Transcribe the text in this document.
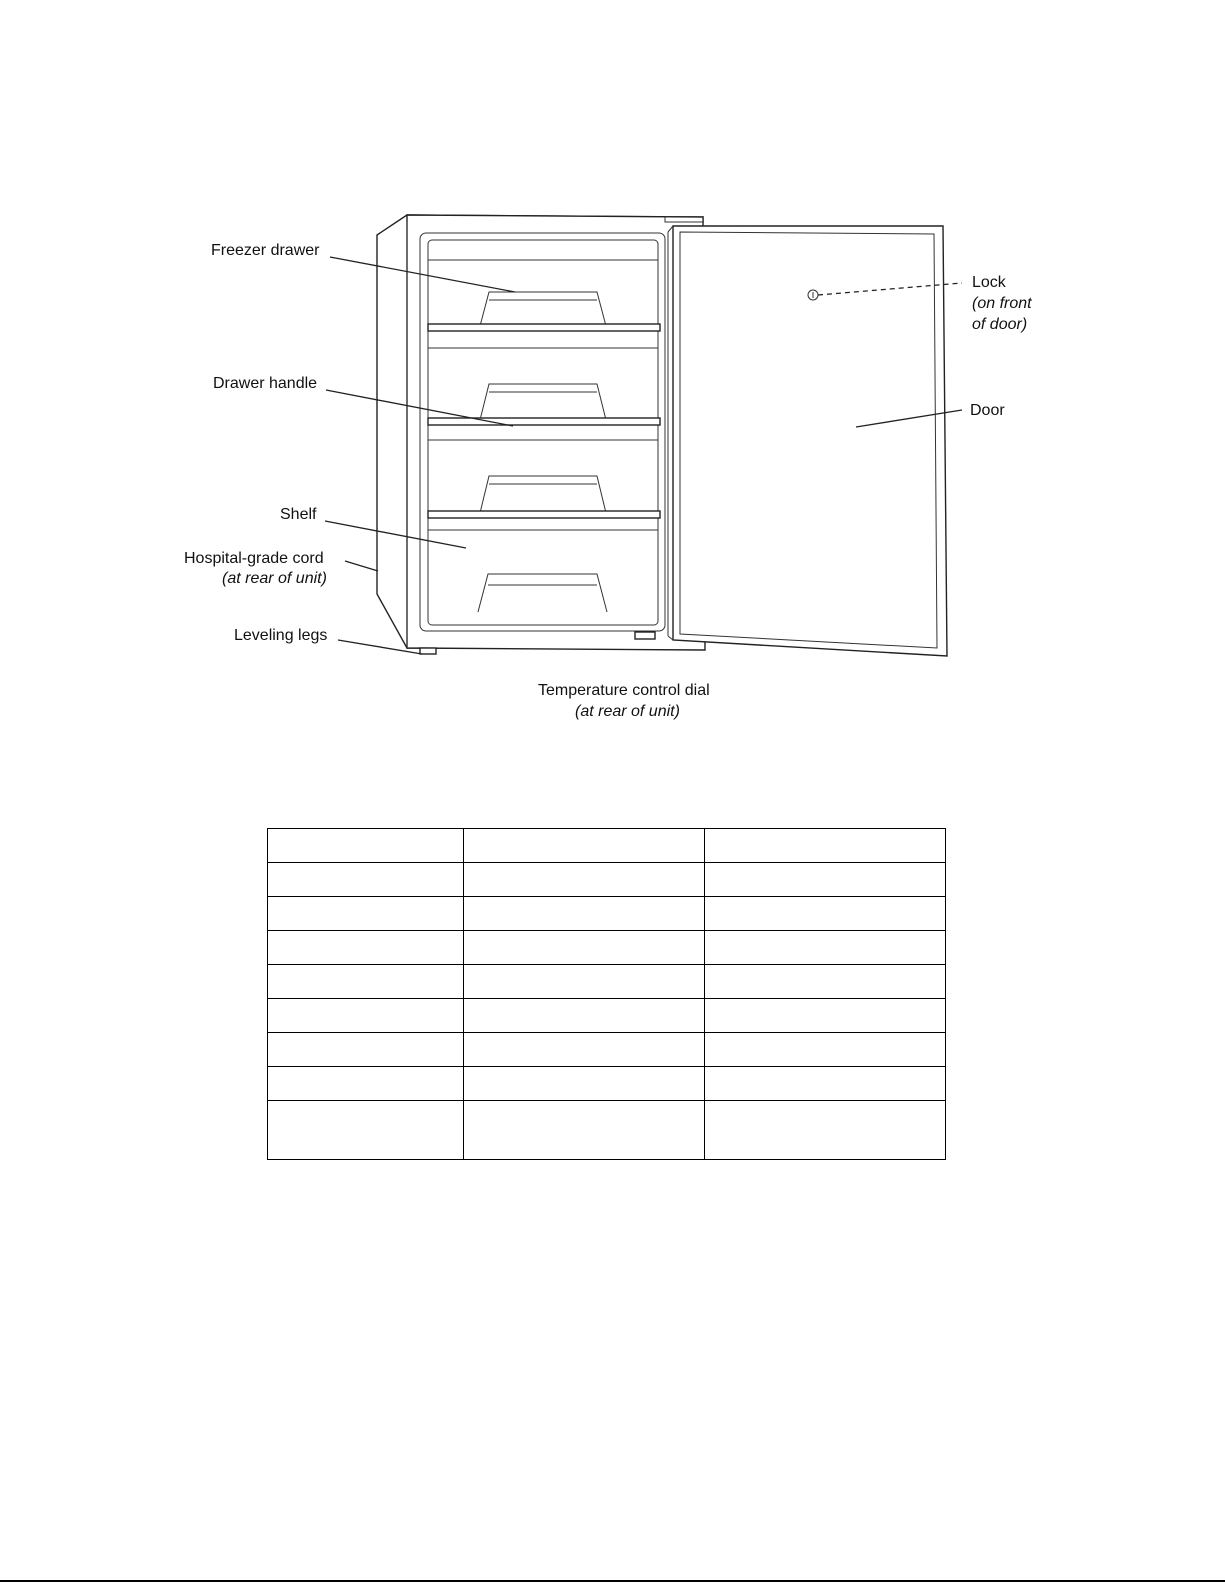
Freezer drawer
Drawer handle
Shelf
Hospital-grade cord
(at rear of unit)
Leveling legs
Temperature control dial
(at rear of unit)
Lock
(on front
of door)
Door
